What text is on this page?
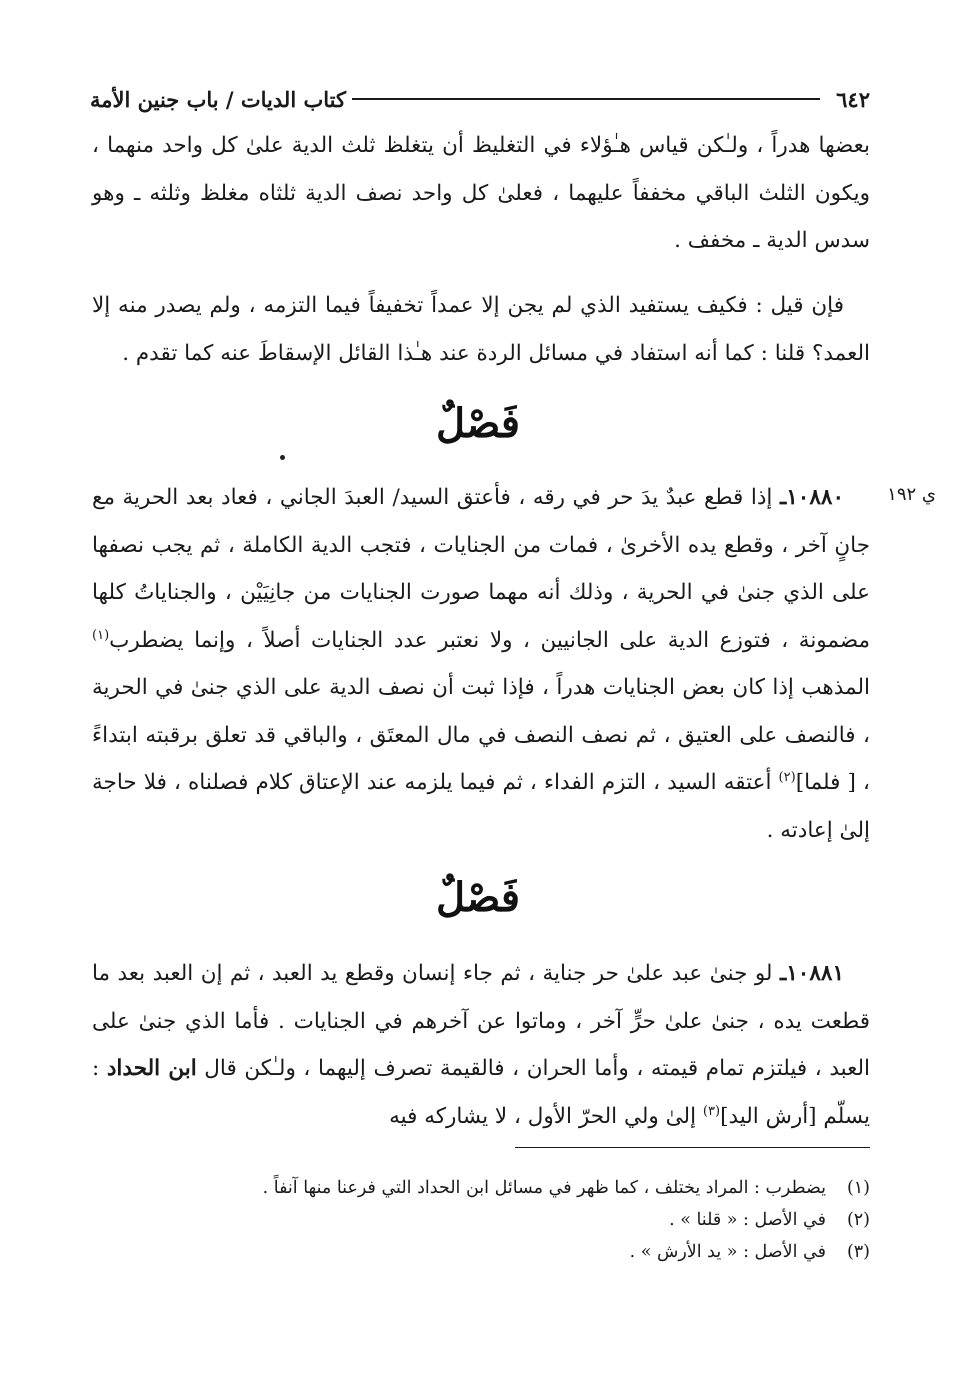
٦٤٢
كتاب الديات / باب جنين الأمة

بعضها هدراً ، ولـٰكن قياس هـٰؤلاء في التغليظ أن يتغلظ ثلث الدية علىٰ كل واحد منهما ، ويكون الثلث الباقي مخففاً عليهما ، فعلىٰ كل واحد نصف الدية ثلثاه مغلظ وثلثه ـ وهو سدس الدية ـ مخفف .

فإن قيل : فكيف يستفيد الذي لم يجن إلا عمداً تخفيفاً فيما التزمه ، ولم يصدر منه إلا العمد؟ قلنا : كما أنه استفاد في مسائل الردة عند هـٰذا القائل الإسقاطَ عنه كما تقدم .

فَصْلٌ
ي ١٩٢

١٠٨٨٠ـ إذا قطع عبدٌ يدَ حر في رقه ، فأعتق السيد/ العبدَ الجاني ، فعاد بعد الحرية مع جانٍ آخر ، وقطع يده الأخرىٰ ، فمات من الجنايات ، فتجب الدية الكاملة ، ثم يجب نصفها على الذي جنىٰ في الحرية ، وذلك أنه مهما صورت الجنايات من جانِيَيْن ، والجناياتُ كلها مضمونة ، فتوزع الدية على الجانيين ، ولا نعتبر عدد الجنايات أصلاً ، وإنما يضطرب$^{(١)}$ المذهب إذا كان بعض الجنايات هدراً ، فإذا ثبت أن نصف الدية على الذي جنىٰ في الحرية ، فالنصف على العتيق ، ثم نصف النصف في مال المعتَق ، والباقي قد تعلق برقبته ابتداءً ، [ فلما]$^{(٢)}$ أعتقه السيد ، التزم الفداء ، ثم فيما يلزمه عند الإعتاق كلام فصلناه ، فلا حاجة إلىٰ إعادته .

فَصْلٌ

١٠٨٨١ـ لو جنىٰ عبد علىٰ حر جناية ، ثم جاء إنسان وقطع يد العبد ، ثم إن العبد بعد ما قطعت يده ، جنىٰ علىٰ حرٍّ آخر ، وماتوا عن آخرهم في الجنايات . فأما الذي جنىٰ على العبد ، فيلتزم تمام قيمته ، وأما الحران ، فالقيمة تصرف إليهما ، ولـٰكن قال ابن الحداد : يسلّم [أرش اليد]$^{(٣)}$ إلىٰ ولي الحرّ الأول ، لا يشاركه فيه

(١)يضطرب : المراد يختلف ، كما ظهر في مسائل ابن الحداد التي فرعنا منها آنفاً .
(٢)في الأصل : « قلنا » .
(٣)في الأصل : « يد الأرش » .
